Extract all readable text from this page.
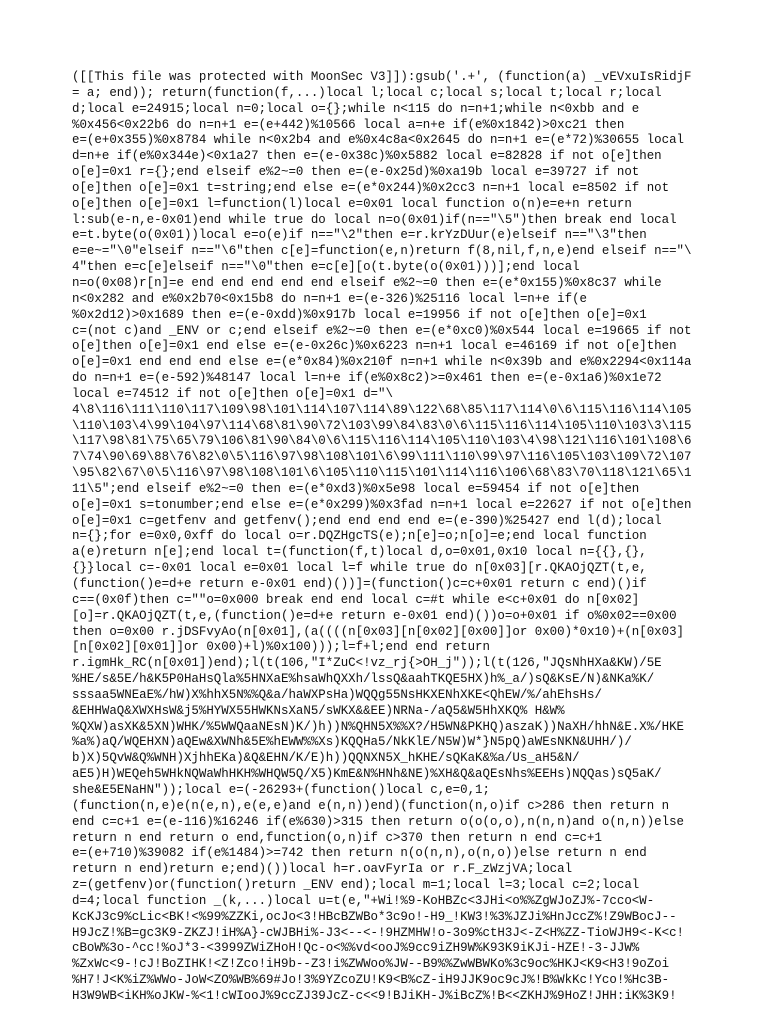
([[This file was protected with MoonSec V3]]):gsub('.+', (function(a) _vEVxuIsRidjF
= a; end)); return(function(f,...)local l;local c;local s;local t;local r;local
d;local e=24915;local n=0;local o={};while n<115 do n=n+1;while n<0xbb and e
%0x456<0x22b6 do n=n+1 e=(e+442)%10566 local a=n+e if(e%0x1842)>0xc21 then
e=(e+0x355)%0x8784 while n<0x2b4 and e%0x4c8a<0x2645 do n=n+1 e=(e*72)%30655 local
d=n+e if(e%0x344e)<0x1a27 then e=(e-0x38c)%0x5882 local e=82828 if not o[e]then
o[e]=0x1 r={};end elseif e%2~=0 then e=(e-0x25d)%0xa19b local e=39727 if not
o[e]then o[e]=0x1 t=string;end else e=(e*0x244)%0x2cc3 n=n+1 local e=8502 if not
o[e]then o[e]=0x1 l=function(l)local e=0x01 local function o(n)e=e+n return
l:sub(e-n,e-0x01)end while true do local n=o(0x01)if(n=="\5")then break end local
e=t.byte(o(0x01))local e=o(e)if n=="\2"then e=r.krYzDUur(e)elseif n=="\3"then
e=e~="\0"elseif n=="\6"then c[e]=function(e,n)return f(8,nil,f,n,e)end elseif n=="\
4"then e=c[e]elseif n=="\0"then e=c[e][o(t.byte(o(0x01)))];end local
n=o(0x08)r[n]=e end end end end end elseif e%2~=0 then e=(e*0x155)%0x8c37 while
n<0x282 and e%0x2b70<0x15b8 do n=n+1 e=(e-326)%25116 local l=n+e if(e
%0x2d12)>0x1689 then e=(e-0xdd)%0x917b local e=19956 if not o[e]then o[e]=0x1
c=(not c)and _ENV or c;end elseif e%2~=0 then e=(e*0xc0)%0x544 local e=19665 if not
o[e]then o[e]=0x1 end else e=(e-0x26c)%0x6223 n=n+1 local e=46169 if not o[e]then
o[e]=0x1 end end end else e=(e*0x84)%0x210f n=n+1 while n<0x39b and e%0x2294<0x114a
do n=n+1 e=(e-592)%48147 local l=n+e if(e%0x8c2)>=0x461 then e=(e-0x1a6)%0x1e72
local e=74512 if not o[e]then o[e]=0x1 d="\
4\8\116\111\110\117\109\98\101\114\107\114\89\122\68\85\117\114\0\6\115\116\114\105
\110\103\4\99\104\97\114\68\81\90\72\103\99\84\83\0\6\115\116\114\105\110\103\3\115
\117\98\81\75\65\79\106\81\90\84\0\6\115\116\114\105\110\103\4\98\121\116\101\108\6
7\74\90\69\88\76\82\0\5\116\97\98\108\101\6\99\111\110\99\97\116\105\103\109\72\107
\95\82\67\0\5\116\97\98\108\101\6\105\110\115\101\114\116\106\68\83\70\118\121\65\1
11\5";end elseif e%2~=0 then e=(e*0xd3)%0x5e98 local e=59454 if not o[e]then
o[e]=0x1 s=tonumber;end else e=(e*0x299)%0x3fad n=n+1 local e=22627 if not o[e]then
o[e]=0x1 c=getfenv and getfenv();end end end end e=(e-390)%25427 end l(d);local
n={};for e=0x0,0xff do local o=r.DQZHgcTS(e);n[e]=o;n[o]=e;end local function
a(e)return n[e];end local t=(function(f,t)local d,o=0x01,0x10 local n={{},{},
{}}local c=-0x01 local e=0x01 local l=f while true do n[0x03][r.QKAOjQZT(t,e,
(function()e=d+e return e-0x01 end)())]=(function()c=c+0x01 return c end)()if
c==(0x0f)then c=""o=0x000 break end end local c=#t while e<c+0x01 do n[0x02]
[o]=r.QKAOjQZT(t,e,(function()e=d+e return e-0x01 end)())o=o+0x01 if o%0x02==0x00
then o=0x00 r.jDSFvyAo(n[0x01],(a((((n[0x03][n[0x02][0x00]]or 0x00)*0x10)+(n[0x03]
[n[0x02][0x01]]or 0x00)+l)%0x100)));l=f+l;end end return
r.igmHk_RC(n[0x01])end);l(t(106,"I*ZuC<!vz_rj{>OH_j"));l(t(126,"JQsNhHXa&KW)/5E
%HE/s&5E/h&K5P0HaHsQla%5HNXaE%hsaWhQXXh/lssQ&aahTKQE5HX)h%_a/)sQ&KsE/N)&NKa%K/
sssaa5WNEaE%/hW)X%hhX5N%%Q&a/haWXPsHa)WQQg55NsHKXENhXKE<QhEW/%/ahEhsHs/
&EHHWaQ&XWXHsW&j5%HYWX55HWKNsXaN5/sWKX&&EE)NRNa-/aQ5&W5HhXKQ% H&W%
%QXW)asXK&5XN)WHK/%5WWQaaNEsN)K/)h))N%QHN5X%%X?/H5WN&PKHQ)aszaK))NaXH/hhN&E.X%/HKE
%a%)aQ/WQEHXN)aQEw&XWNh&5E%hEWW%%Xs)KQQHa5/NkKlE/N5W)W*}N5pQ)aWEsNKN&UHH/)/
b)X)5QvW&Q%WNH)XjhhEKa)&Q&EHN/K/E)h))QQNXN5X_hKHE/sQKaK&%a/Us_aH5&N/
aE5)H)WEQeh5WHkNQWaWhHKH%WHQW5Q/X5)KmE&N%HNh&NE)%XH&Q&aQEsNhs%EEHs)NQQas)sQ5aK/
she&E5ENaHN"));local e=(-26293+(function()local c,e=0,1;
(function(n,e)e(n(e,n),e(e,e)and e(n,n))end)(function(n,o)if c>286 then return n
end c=c+1 e=(e-116)%16246 if(e%630)>315 then return o(o(o,o),n(n,n)and o(n,n))else
return n end return o end,function(o,n)if c>370 then return n end c=c+1
e=(e+710)%39082 if(e%1484)>=742 then return n(o(n,n),o(n,o))else return n end
return n end)return e;end)())local h=r.oavFyrIa or r.F_zWzjVA;local
z=(getfenv)or(function()return _ENV end);local m=1;local l=3;local c=2;local
d=4;local function _(k,...)local u=t(e,"+Wi!%9-KoHBZc<3JHi<o%%ZgWJoZJ%-7cco<W-
KcKJ3c9%cLic<BK!<%99%ZZKi,ocJo<3!HBcBZWBo*3c9o!-H9_!KW3!%3%JZJi%HnJccZ%!Z9WBocJ--
H9JcZ!%B=gc3K9-ZKZJ!iH%A}-cWJBHi%-J3<--<-!9HZMHW!o-3o9%ctH3J<-Z<H%ZZ-TioWJH9<-K<c!
cBoW%3o-^cc!%oJ*3-<3999ZWiZHoH!Qc-o<%%vd<ooJ%9cc9iZH9W%K93K9iKJi-HZE!-3-JJW%
%ZxWc<9-!cJ!BoZIHK!<Z!Zco!iH9b--Z3!i%ZWWoo%JW--B9%%ZwWBWKo%3c9oc%HKJ<K9<H3!9oZoi
%H7!J<K%iZ%WWo-JoW<ZO%WB%69#Jo!3%9YZcoZU!K9<B%cZ-iH9JJK9oc9cJ%!B%WkKc!Yco!%Hc3B-
H3W9WB<iKH%oJKW-%<1!cWIooJ%9ccZJ39JcZ-c<<9!BJiKH-J%iBcZ%!B<<ZKHJ%9HoZ!JHH:iK%3K9!
